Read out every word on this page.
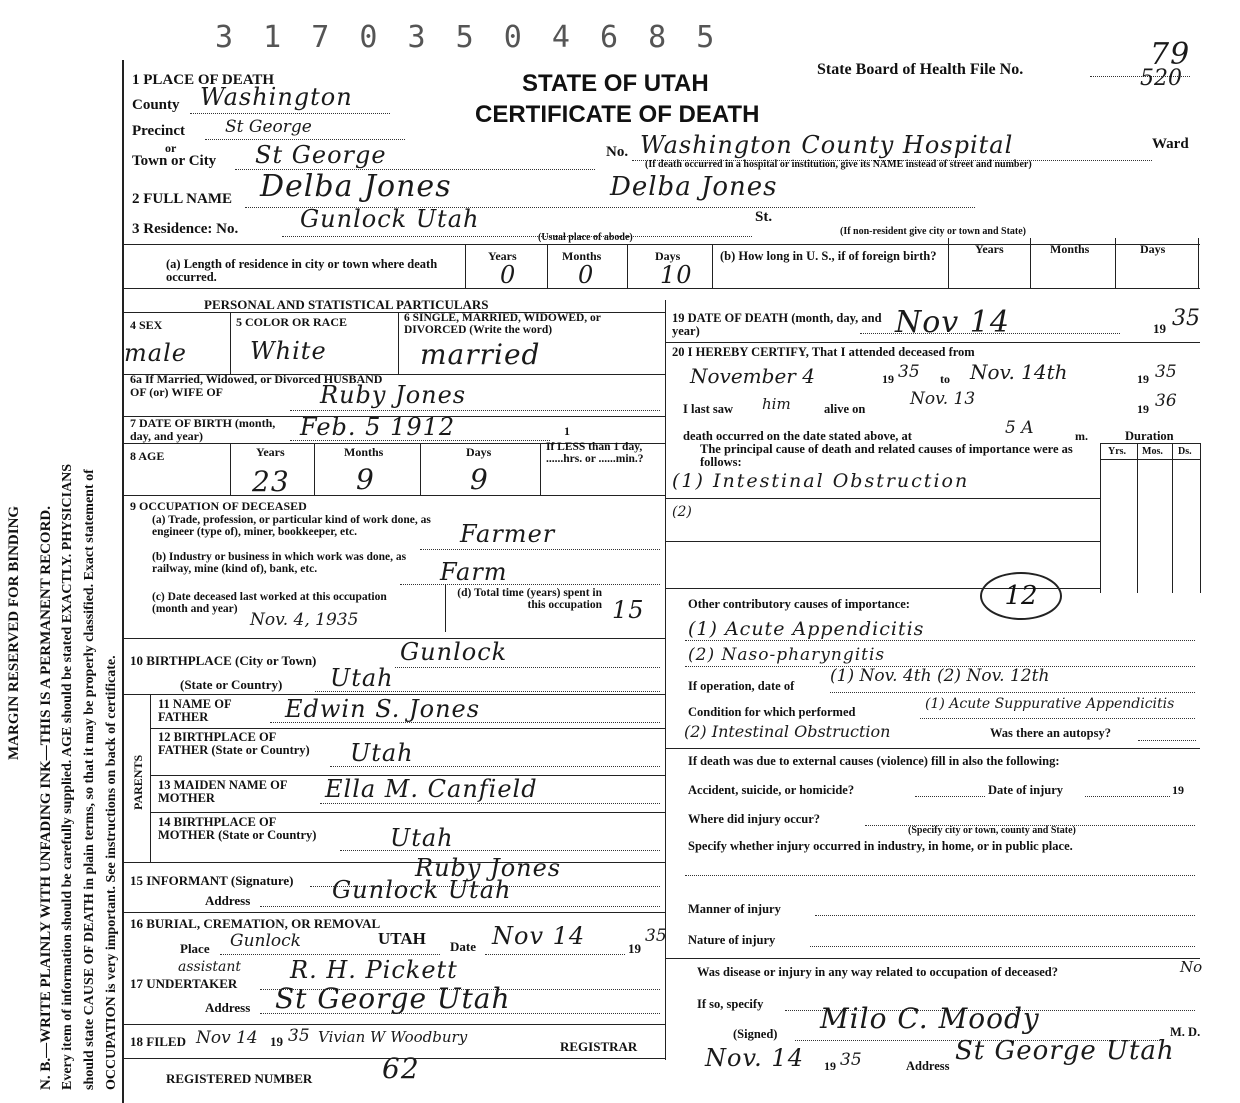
MARGIN RESERVED FOR BINDING N. B.—WRITE PLAINLY WITH UNFADING INK—THIS IS A PERMANENT RECORD. Every item of information should be carefully supplied. AGE should be stated EXACTLY. PHYSICIANS should state CAUSE OF DEATH in plain terms, so that it may be properly classified. Exact statement of OCCUPATION is very important. See instructions on back of certificate.
3 1 7 0 3 5 0 4 6 8 5
State Board of Health File No.	79
520
STATE OF UTAH
CERTIFICATE OF DEATH
1 PLACE OF DEATH
County Washington
Precinct St George
or
Town or City St George	No. Washington County Hospital	Ward
(If death occurred in a hospital or institution, give its NAME instead of street and number)
2 FULL NAME Delba Jones	Delba Jones
3 Residence: No.	Gunlock Utah	St.
(Usual place of abode)
(If non-resident give city or town and State)
(a) Length of residence in city or town where death occurred.
Years	Months	Days
0	0	10
(b) How long in U. S., if of foreign birth?	Years	Months	Days
PERSONAL AND STATISTICAL PARTICULARS
4 SEX	5 COLOR OR RACE	6 SINGLE, MARRIED, WIDOWED, or DIVORCED (Write the word)
male	White	married
6a If Married, Widowed, or Divorced HUSBAND OF (or) WIFE OF	Ruby Jones
7 DATE OF BIRTH (month, day, and year)	Feb. 5 1912	1
8 AGE	Years	Months	Days
23 9	9
If LESS than 1 day, ......hrs. or ......min.?
9 OCCUPATION OF DECEASED
(a) Trade, profession, or particular kind of work done, as engineer (type of), miner, bookkeeper, etc.	Farmer
(b) Industry or business in which work was done, as railway, mine (kind of), bank, etc.	Farm
(c) Date deceased last worked at this occupation (month and year)
Nov. 4, 1935
(d) Total time (years) spent in this occupation 15
10 BIRTHPLACE (City or Town)	Gunlock
(State or Country) Utah
PARENTS
11 NAME OF FATHER	Edwin S. Jones
12 BIRTHPLACE OF FATHER (State or Country)	Utah
13 MAIDEN NAME OF MOTHER	Ella M. Canfield
14 BIRTHPLACE OF MOTHER (State or Country)	Utah
15 INFORMANT (Signature)	Ruby Jones
Address	Gunlock Utah
16 BURIAL, CREMATION, OR REMOVAL
Place Gunlock	UTAH Date Nov 14	19
35
assistant
17 UNDERTAKER R. H. Pickett
Address St George Utah
18 FILED Nov 14 19 35 Vivian W Woodbury
REGISTRAR
REGISTERED NUMBER 62
19 DATE OF DEATH (month, day, and year)	Nov 14	19 35
20 I HEREBY CERTIFY, That I attended deceased from
November 4	19 35 to Nov. 14th	19 35
I last saw him	alive on	Nov. 13	19 36
death occurred on the date stated above, at	5 A	m.	Duration
The principal cause of death and related causes of importance were as follows:
Yrs. Mos. Ds.
(1) Intestinal Obstruction
(2)
Other contributory causes of importance:	12
(1) Acute Appendicitis
(2) Naso-pharyngitis
If operation, date of (1) Nov. 4th (2) Nov. 12th
Condition for which performed	(1) Acute Suppurative Appendicitis
(2) Intestinal Obstruction	Was there an autopsy?
If death was due to external causes (violence) fill in also the following:
Accident, suicide, or homicide?	Date of injury	19
Where did injury occur?
(Specify city or town, county and State)
Specify whether injury occurred in industry, in home, or in public place.
Manner of injury
Nature of injury
Was disease or injury in any way related to occupation of deceased?	No
If so, specify
(Signed) Milo C. Moody	M. D.
Nov. 14 19 35	Address St George Utah
